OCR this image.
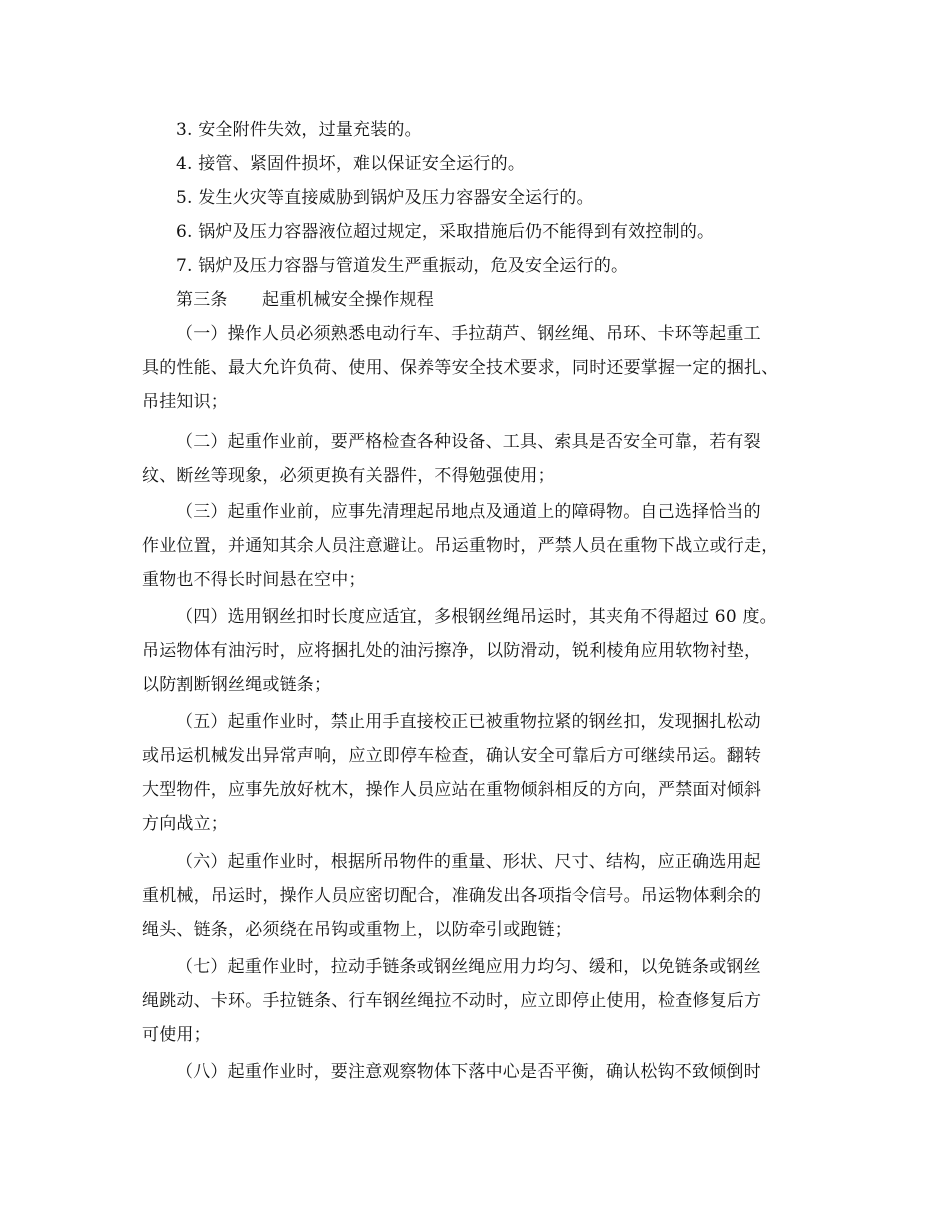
3. 安全附件失效，过量充装的。
4. 接管、紧固件损坏，难以保证安全运行的。
5. 发生火灾等直接威胁到锅炉及压力容器安全运行的。
6. 锅炉及压力容器液位超过规定，采取措施后仍不能得到有效控制的。
7. 锅炉及压力容器与管道发生严重振动，危及安全运行的。
第三条　　起重机械安全操作规程
（一）操作人员必须熟悉电动行车、手拉葫芦、钢丝绳、吊环、卡环等起重工
具的性能、最大允许负荷、使用、保养等安全技术要求，同时还要掌握一定的捆扎、
吊挂知识；
（二）起重作业前，要严格检查各种设备、工具、索具是否安全可靠，若有裂
纹、断丝等现象，必须更换有关器件，不得勉强使用；
（三）起重作业前，应事先清理起吊地点及通道上的障碍物。自己选择恰当的
作业位置，并通知其余人员注意避让。吊运重物时，严禁人员在重物下战立或行走，
重物也不得长时间悬在空中；
（四）选用钢丝扣时长度应适宜，多根钢丝绳吊运时，其夹角不得超过 60 度。
吊运物体有油污时，应将捆扎处的油污擦净，以防滑动，锐利棱角应用软物衬垫，
以防割断钢丝绳或链条；
（五）起重作业时，禁止用手直接校正已被重物拉紧的钢丝扣，发现捆扎松动
或吊运机械发出异常声响，应立即停车检查，确认安全可靠后方可继续吊运。翻转
大型物件，应事先放好枕木，操作人员应站在重物倾斜相反的方向，严禁面对倾斜
方向战立；
（六）起重作业时，根据所吊物件的重量、形状、尺寸、结构，应正确选用起
重机械，吊运时，操作人员应密切配合，准确发出各项指令信号。吊运物体剩余的
绳头、链条，必须绕在吊钩或重物上，以防牵引或跑链；
（七）起重作业时，拉动手链条或钢丝绳应用力均匀、缓和，以免链条或钢丝
绳跳动、卡环。手拉链条、行车钢丝绳拉不动时，应立即停止使用，检查修复后方
可使用；
（八）起重作业时，要注意观察物体下落中心是否平衡，确认松钩不致倾倒时
